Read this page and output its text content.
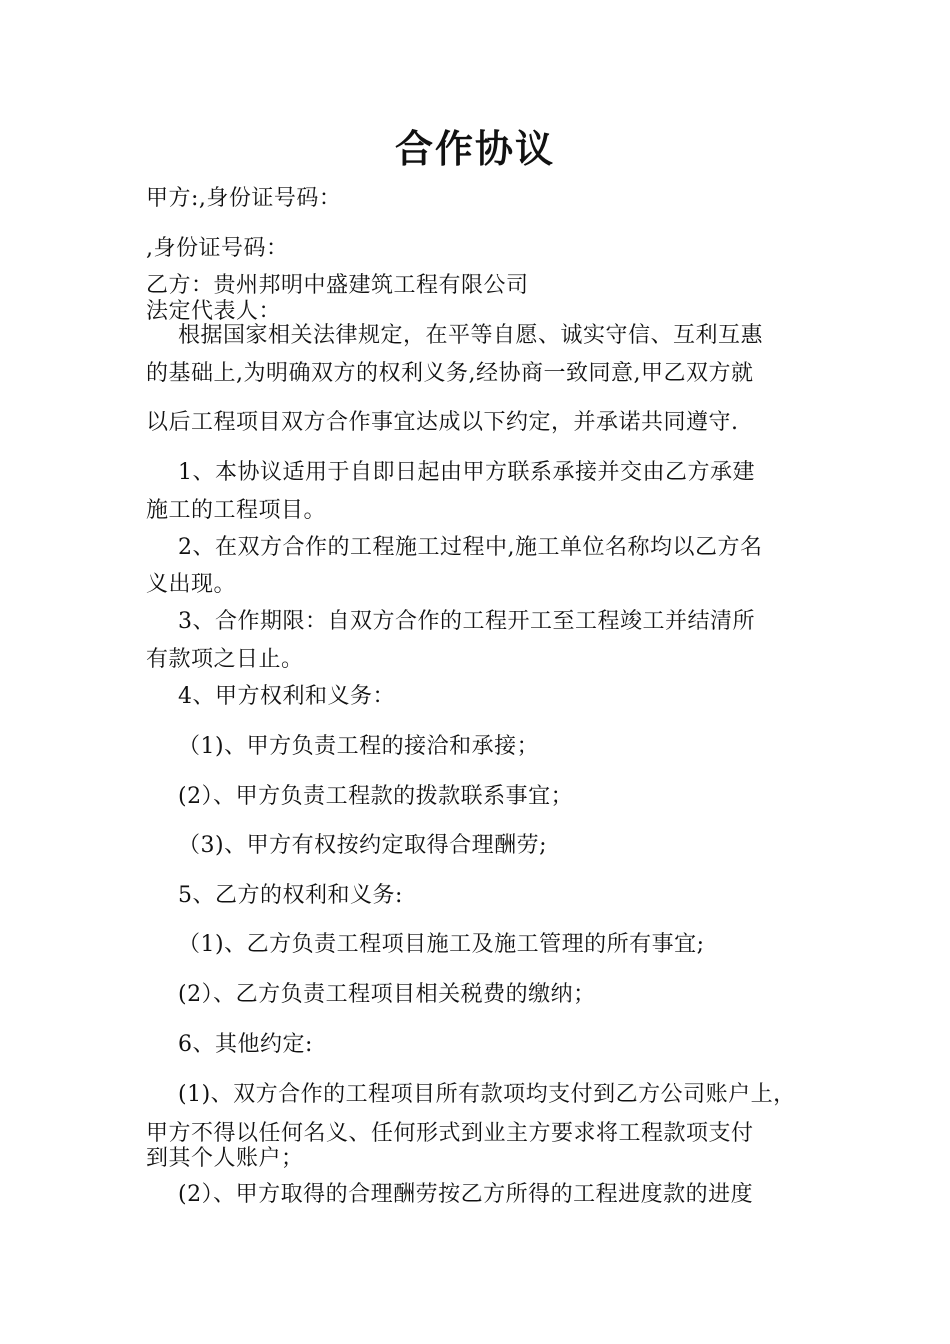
合作协议
甲方:,身份证号码：
,身份证号码：
乙方：贵州邦明中盛建筑工程有限公司
法定代表人：
根据国家相关法律规定，在平等自愿、诚实守信、互利互惠
的基础上,为明确双方的权利义务,经协商一致同意,甲乙双方就
以后工程项目双方合作事宜达成以下约定，并承诺共同遵守.
1、本协议适用于自即日起由甲方联系承接并交由乙方承建
施工的工程项目。
2、在双方合作的工程施工过程中,施工单位名称均以乙方名
义出现。
3、合作期限：自双方合作的工程开工至工程竣工并结清所
有款项之日止。
4、甲方权利和义务：
（1)、甲方负责工程的接洽和承接；
(2）、甲方负责工程款的拨款联系事宜；
（3)、甲方有权按约定取得合理酬劳;
5、乙方的权利和义务:
（1)、乙方负责工程项目施工及施工管理的所有事宜;
(2）、乙方负责工程项目相关税费的缴纳；
6、其他约定:
(1)、双方合作的工程项目所有款项均支付到乙方公司账户上，
甲方不得以任何名义、任何形式到业主方要求将工程款项支付
到其个人账户；
(2）、甲方取得的合理酬劳按乙方所得的工程进度款的进度
